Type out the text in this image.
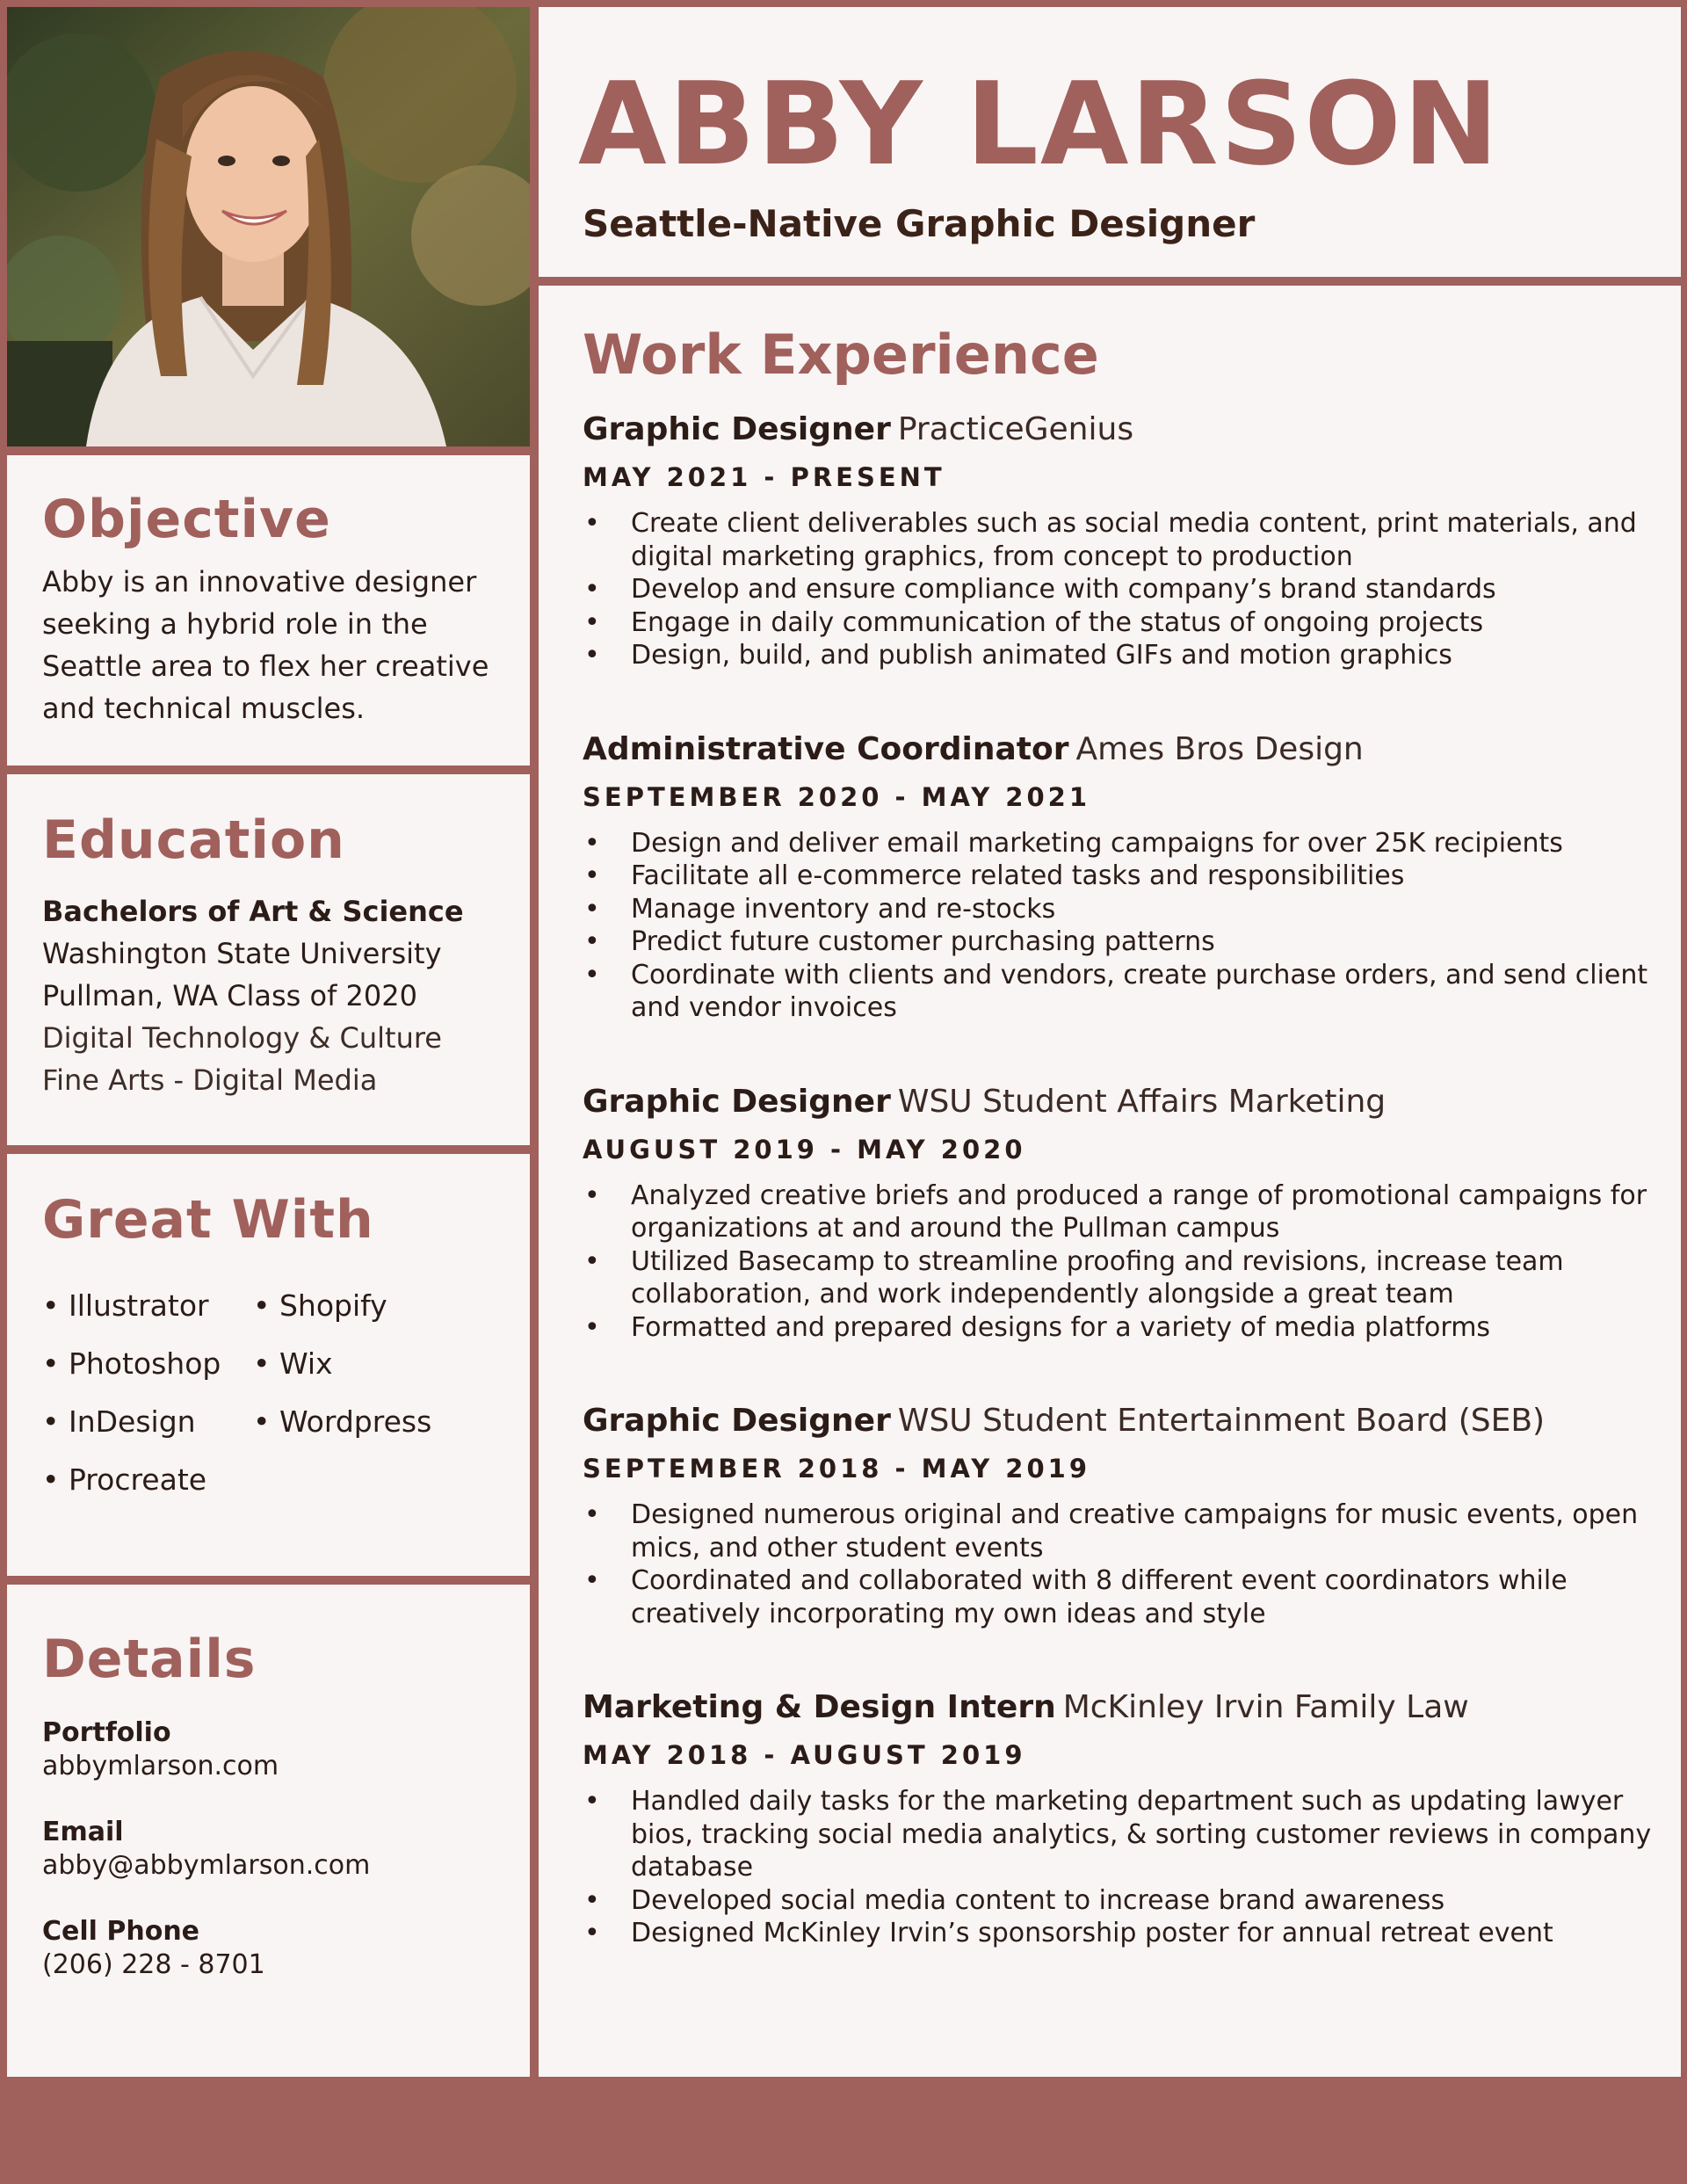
ABBY LARSON
Seattle-Native Graphic Designer
Objective
Abby is an innovative designer seeking a hybrid role in the Seattle area to flex her creative and technical muscles.
Education
Bachelors of Art & Science
Washington State University
Pullman, WA Class of 2020
Digital Technology & Culture
Fine Arts - Digital Media
Great With
• Illustrator	• Shopify
• Photoshop	• Wix
• InDesign	• Wordpress
• Procreate
Details
Portfolio
abbymlarson.com
Email
abby@abbymlarson.com
Cell Phone
(206) 228 - 8701
Work Experience
Graphic Designer PracticeGenius
MAY 2021 - PRESENT
• Create client deliverables such as social media content, print materials, and digital marketing graphics, from concept to production
• Develop and ensure compliance with company’s brand standards
• Engage in daily communication of the status of ongoing projects
• Design, build, and publish animated GIFs and motion graphics
Administrative Coordinator Ames Bros Design
SEPTEMBER 2020 - MAY 2021
• Design and deliver email marketing campaigns for over 25K recipients
• Facilitate all e-commerce related tasks and responsibilities
• Manage inventory and re-stocks
• Predict future customer purchasing patterns
• Coordinate with clients and vendors, create purchase orders, and send client and vendor invoices
Graphic Designer WSU Student Affairs Marketing
AUGUST 2019 - MAY 2020
• Analyzed creative briefs and produced a range of promotional campaigns for organizations at and around the Pullman campus
• Utilized Basecamp to streamline proofing and revisions, increase team collaboration, and work independently alongside a great team
• Formatted and prepared designs for a variety of media platforms
Graphic Designer WSU Student Entertainment Board (SEB)
SEPTEMBER 2018 - MAY 2019
• Designed numerous original and creative campaigns for music events, open mics, and other student events
• Coordinated and collaborated with 8 different event coordinators while creatively incorporating my own ideas and style
Marketing & Design Intern McKinley Irvin Family Law
MAY 2018 - AUGUST 2019
• Handled daily tasks for the marketing department such as updating lawyer bios, tracking social media analytics, & sorting customer reviews in company database
• Developed social media content to increase brand awareness
• Designed McKinley Irvin’s sponsorship poster for annual retreat event
